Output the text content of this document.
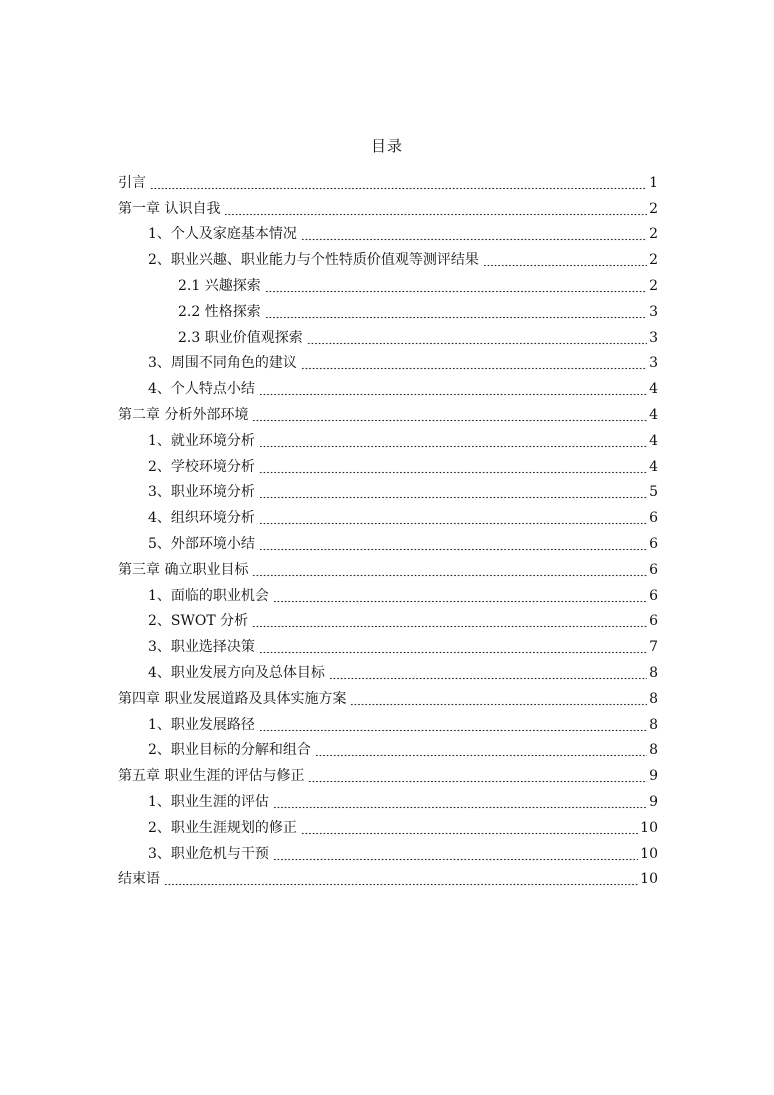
目录
引言	1
第一章 认识自我	2
1、个人及家庭基本情况	2
2、职业兴趣、职业能力与个性特质价值观等测评结果	2
2.1 兴趣探索	2
2.2 性格探索	3
2.3 职业价值观探索	3
3、周围不同角色的建议	3
4、个人特点小结	4
第二章 分析外部环境	4
1、就业环境分析	4
2、学校环境分析	4
3、职业环境分析	5
4、组织环境分析	6
5、外部环境小结	6
第三章 确立职业目标	6
1、面临的职业机会	6
2、SWOT 分析	6
3、职业选择决策	7
4、职业发展方向及总体目标	8
第四章 职业发展道路及具体实施方案	8
1、职业发展路径	8
2、职业目标的分解和组合	8
第五章 职业生涯的评估与修正	9
1、职业生涯的评估	9
2、职业生涯规划的修正	10
3、职业危机与干预	10
结束语	10
